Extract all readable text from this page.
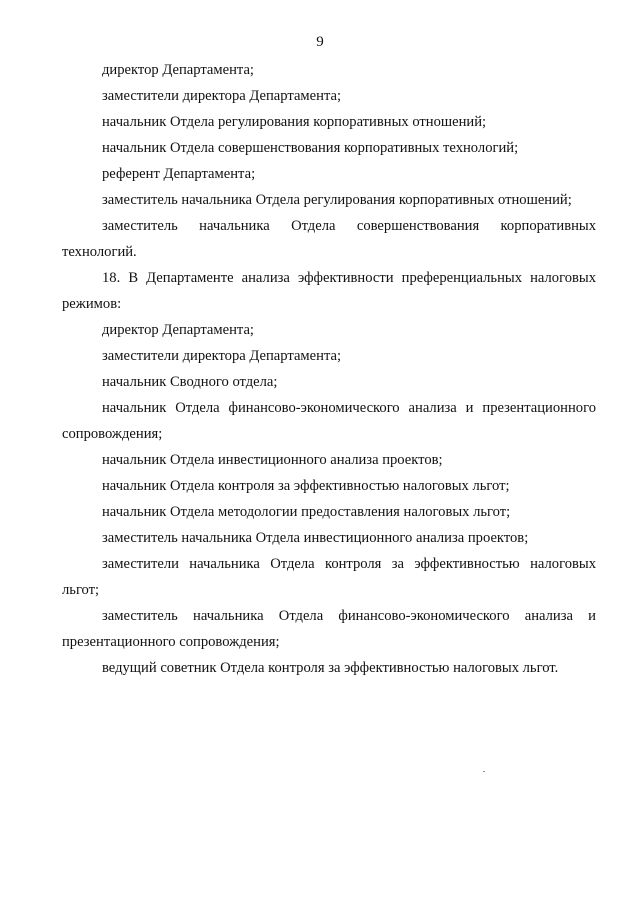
9

директор Департамента;

заместители директора Департамента;

начальник Отдела регулирования корпоративных отношений;

начальник Отдела совершенствования корпоративных технологий;

референт Департамента;

заместитель начальника Отдела регулирования корпоративных отношений;

заместитель начальника Отдела совершенствования корпоративных технологий.

18. В Департаменте анализа эффективности преференциальных налоговых режимов:

директор Департамента;

заместители директора Департамента;

начальник Сводного отдела;

начальник Отдела финансово-экономического анализа и презентационного сопровождения;

начальник Отдела инвестиционного анализа проектов;

начальник Отдела контроля за эффективностью налоговых льгот;

начальник Отдела методологии предоставления налоговых льгот;

заместитель начальника Отдела инвестиционного анализа проектов;

заместители начальника Отдела контроля за эффективностью налоговых льгот;

заместитель начальника Отдела финансово-экономического анализа и презентационного сопровождения;

ведущий советник Отдела контроля за эффективностью налоговых льгот.
